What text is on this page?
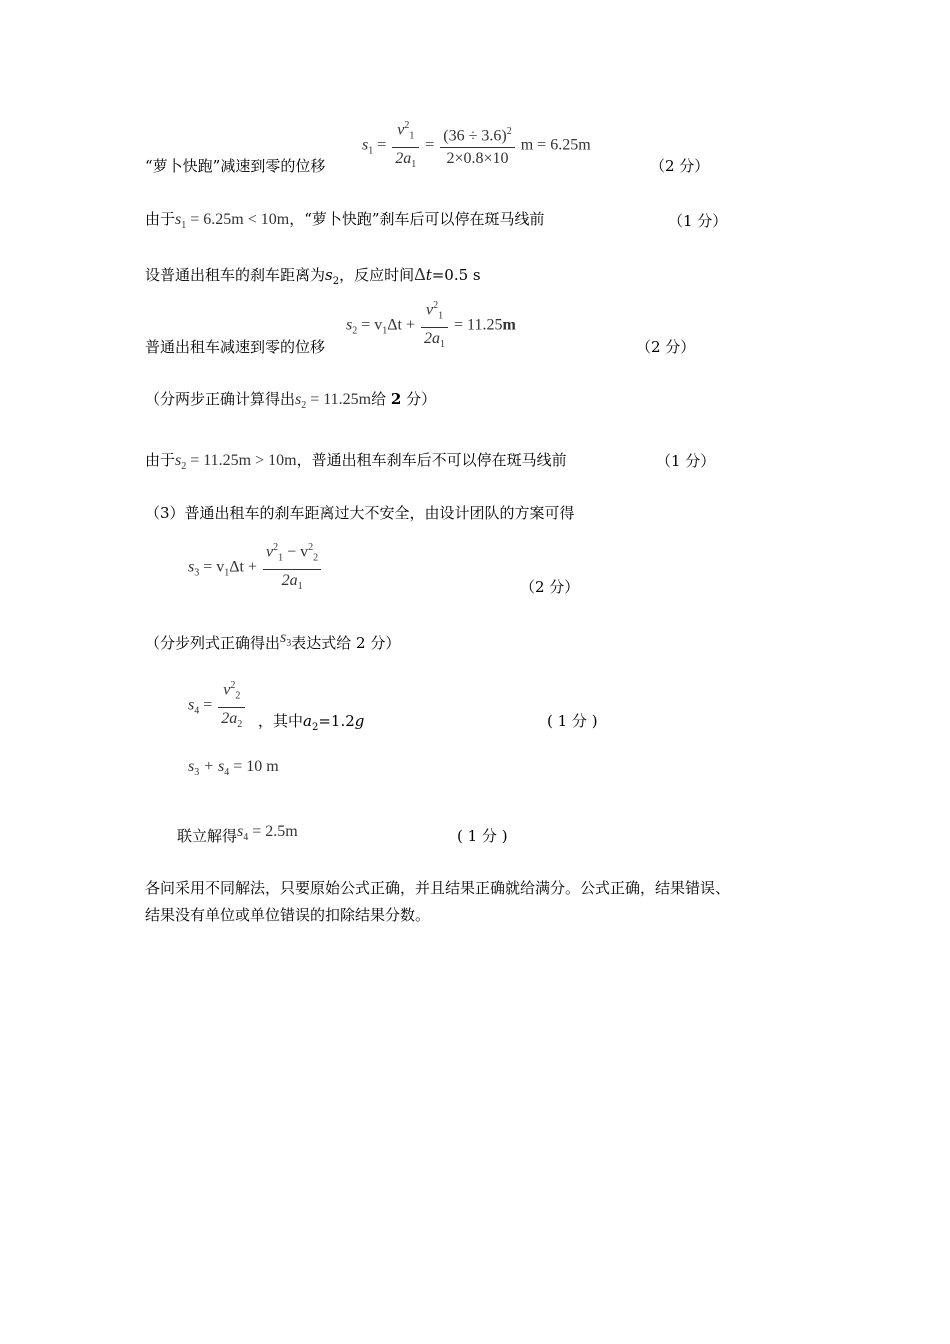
$s_1 = \frac{v^2_1}{2a_1} = \frac{(36 \div 3.6)^2}{2\times 0.8\times 10}$ m = 6.25m
“萝卜快跑”减速到零的位移	（2 分）
由于$s_1 = 6.25m < 10m$，“萝卜快跑”刹车后可以停在斑马线前	（1 分）
设普通出租车的刹车距离为$s_2$，反应时间Δt=0.5 s
$s_2 = v_1\Delta t + \frac{v^2_1}{2a_1} = 11.25m$
普通出租车减速到零的位移	（2 分）
（分两步正确计算得出$s_2 = 11.25m$给 2 分）
由于$s_2 = 11.25m > 10m$，普通出租车刹车后不可以停在斑马线前	（1 分）
（3）普通出租车的刹车距离过大不安全，由设计团队的方案可得
$s_3 = v_1\Delta t + \frac{v^2_1 - v^2_2}{2a_1}$	（2 分）
（分步列式正确得出$s_3$表达式给 2 分）
$s_4 = \frac{v^2_2}{2a_2}$ ，其中$a_2=1.2g$	( 1 分 )
$s_3 + s_4 = 10$ m
联立解得$s_4 = 2.5m$	( 1 分 )
各问采用不同解法，只要原始公式正确，并且结果正确就给满分。公式正确，结果错误、
结果没有单位或单位错误的扣除结果分数。
